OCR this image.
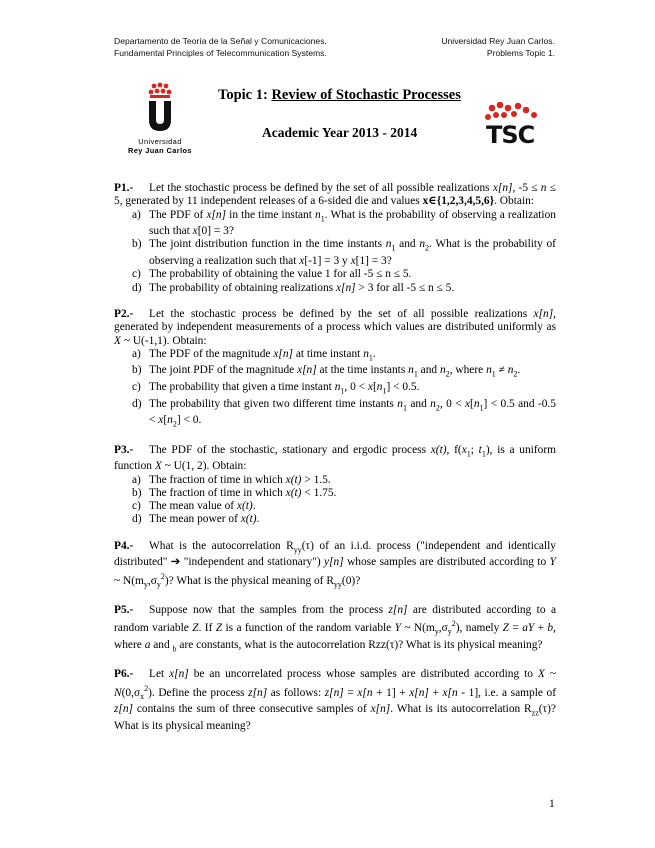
Departamento de Teoría de la Señal y Comunicaciones.
Fundamental Principles of Telecommunication Systems.
Universidad Rey Juan Carlos.
Problems Topic 1.
Universidad
Rey Juan Carlos
Topic 1: Review of Stochastic Processes
Academic Year 2013 - 2014	TSC

P1.- Let the stochastic process be defined by the set of all possible realizations x[n], -5 ≤ n ≤ 5, generated by 11 independent releases of a 6-sided die and values x∈{1,2,3,4,5,6}. Obtain:

a) The PDF of x[n] in the time instant $n_1$. What is the probability of observing a realization such that x[0] = 3?
b) The joint distribution function in the time instants $n_1$ and $n_2$. What is the probability of observing a realization such that x[-1] = 3 y x[1] = 3?
c) The probability of obtaining the value 1 for all -5 ≤ n ≤ 5.
d) The probability of obtaining realizations x[n] > 3 for all -5 ≤ n ≤ 5.

P2.- Let the stochastic process be defined by the set of all possible realizations x[n], generated by independent measurements of a process which values are distributed uniformly as X ~ U(-1,1). Obtain:

a) The PDF of the magnitude x[n] at time instant $n_1$.
b) The joint PDF of the magnitude x[n] at the time instants $n_1$ and $n_2$, where $n_1 \ne n_2$.
c) The probability that given a time instant $n_1$, $0 < x[n_1] < 0.5$.
d) The probability that given two different time instants $n_1$ and $n_2$, $0 < x[n_1] < 0.5$ and $-0.5 < x[n_2] < 0$.

P3.- The PDF of the stochastic, stationary and ergodic process x(t), $f(x_1$; $t_1$), is a uniform function X ~ U(1, 2). Obtain:

a) The fraction of time in which x(t) > 1.5.
b) The fraction of time in which x(t) < 1.75.
c) The mean value of x(t).
d) The mean power of x(t).

P4.- What is the autocorrelation $R_{yy}(\tau)$ of an i.i.d. process ("independent and identically distributed" ➔ "independent and stationary") y[n] whose samples are distributed according to Y ~ $N(m_y,\sigma_y^2)$? What is the physical meaning of $R_{yy}(0)$?

P5.- Suppose now that the samples from the process z[n] are distributed according to a random variable Z. If Z is a function of the random variable Y ~ $N(m_y,\sigma_y^2)$, namely Z = aY + b, where a and $_b$ are constants, what is the autocorrelation Rzz(τ)? What is its physical meaning?

P6.- Let x[n] be an uncorrelated process whose samples are distributed according to X ~ $N(0,\sigma_x^2)$. Define the process z[n] as follows: z[n] = x[n + 1] + x[n] + x[n - 1], i.e. a sample of z[n] contains the sum of three consecutive samples of x[n]. What is its autocorrelation $R_{zz}(\tau)$? What is its physical meaning?

1
